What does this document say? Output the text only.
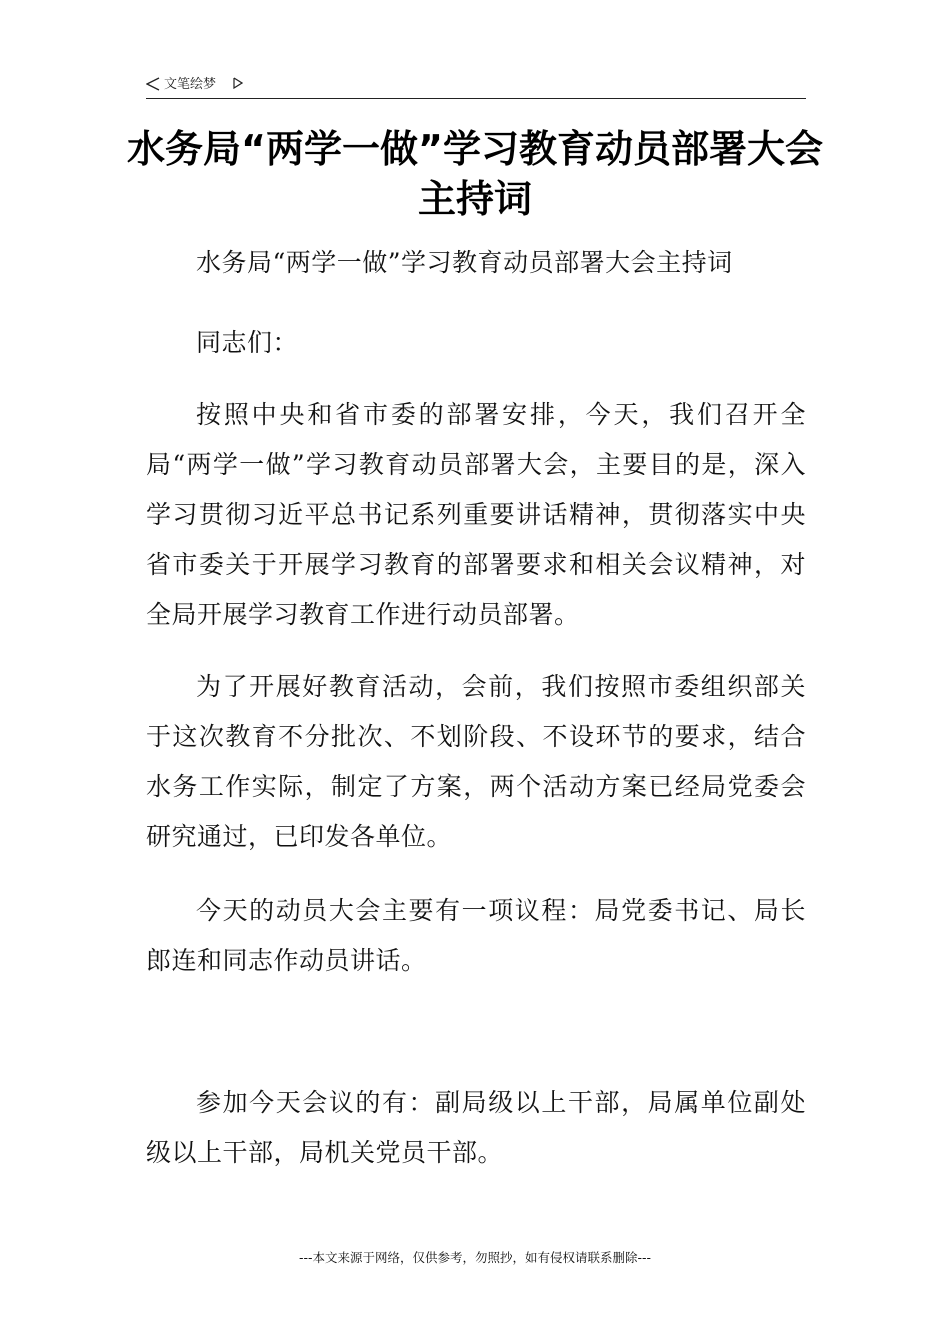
文笔绘梦
水务局“两学一做”学习教育动员部署大会主持词

水务局“两学一做”学习教育动员部署大会主持词

同志们：

按照中央和省市委的部署安排，今天，我们召开全局“两学一做”学习教育动员部署大会，主要目的是，深入学习贯彻习近平总书记系列重要讲话精神，贯彻落实中央省市委关于开展学习教育的部署要求和相关会议精神，对全局开展学习教育工作进行动员部署。

为了开展好教育活动，会前，我们按照市委组织部关于这次教育不分批次、不划阶段、不设环节的要求，结合水务工作实际，制定了方案，两个活动方案已经局党委会研究通过，已印发各单位。

今天的动员大会主要有一项议程：局党委书记、局长郎连和同志作动员讲话。

参加今天会议的有：副局级以上干部，局属单位副处级以上干部，局机关党员干部。

---本文来源于网络，仅供参考，勿照抄，如有侵权请联系删除---
